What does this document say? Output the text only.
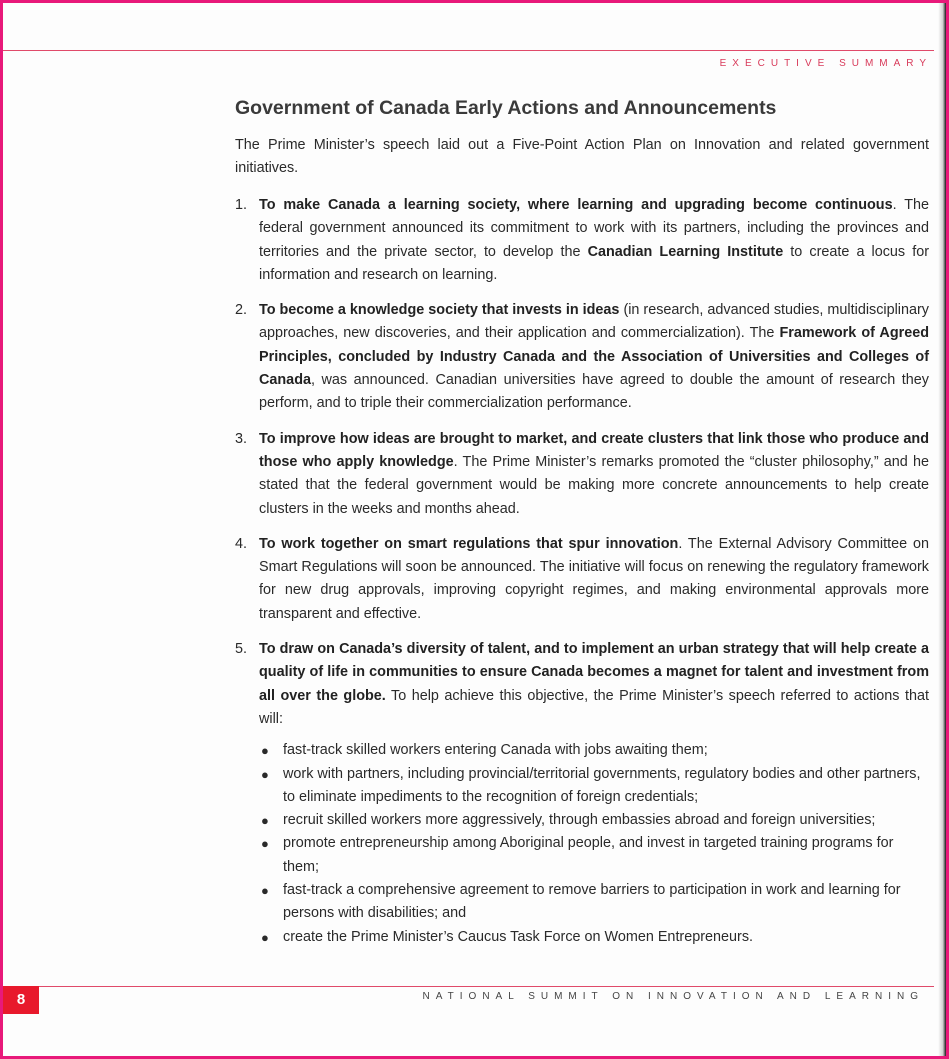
EXECUTIVE SUMMARY
Government of Canada Early Actions and Announcements

The Prime Minister’s speech laid out a Five-Point Action Plan on Innovation and related government initiatives.

1. To make Canada a learning society, where learning and upgrading become continuous. The federal government announced its commitment to work with its partners, including the provinces and territories and the private sector, to develop the Canadian Learning Institute to create a locus for information and research on learning.
2. To become a knowledge society that invests in ideas (in research, advanced studies, multidisciplinary approaches, new discoveries, and their application and commercialization). The Framework of Agreed Principles, concluded by Industry Canada and the Association of Universities and Colleges of Canada, was announced. Canadian universities have agreed to double the amount of research they perform, and to triple their commercialization performance.
3. To improve how ideas are brought to market, and create clusters that link those who produce and those who apply knowledge. The Prime Minister’s remarks promoted the “cluster philosophy,” and he stated that the federal government would be making more concrete announcements to help create clusters in the weeks and months ahead.
4. To work together on smart regulations that spur innovation. The External Advisory Committee on Smart Regulations will soon be announced. The initiative will focus on renewing the regulatory framework for new drug approvals, improving copyright regimes, and making environmental approvals more transparent and effective.
5. To draw on Canada’s diversity of talent, and to implement an urban strategy that will help create a quality of life in communities to ensure Canada becomes a magnet for talent and investment from all over the globe. To help achieve this objective, the Prime Minister’s speech referred to actions that will:
● fast-track skilled workers entering Canada with jobs awaiting them;
● work with partners, including provincial/territorial governments, regulatory bodies and other partners, to eliminate impediments to the recognition of foreign credentials;
● recruit skilled workers more aggressively, through embassies abroad and foreign universities;
● promote entrepreneurship among Aboriginal people, and invest in targeted training programs for them;
● fast-track a comprehensive agreement to remove barriers to participation in work and learning for persons with disabilities; and
● create the Prime Minister’s Caucus Task Force on Women Entrepreneurs.
8	NATIONAL SUMMIT ON INNOVATION AND LEARNING
